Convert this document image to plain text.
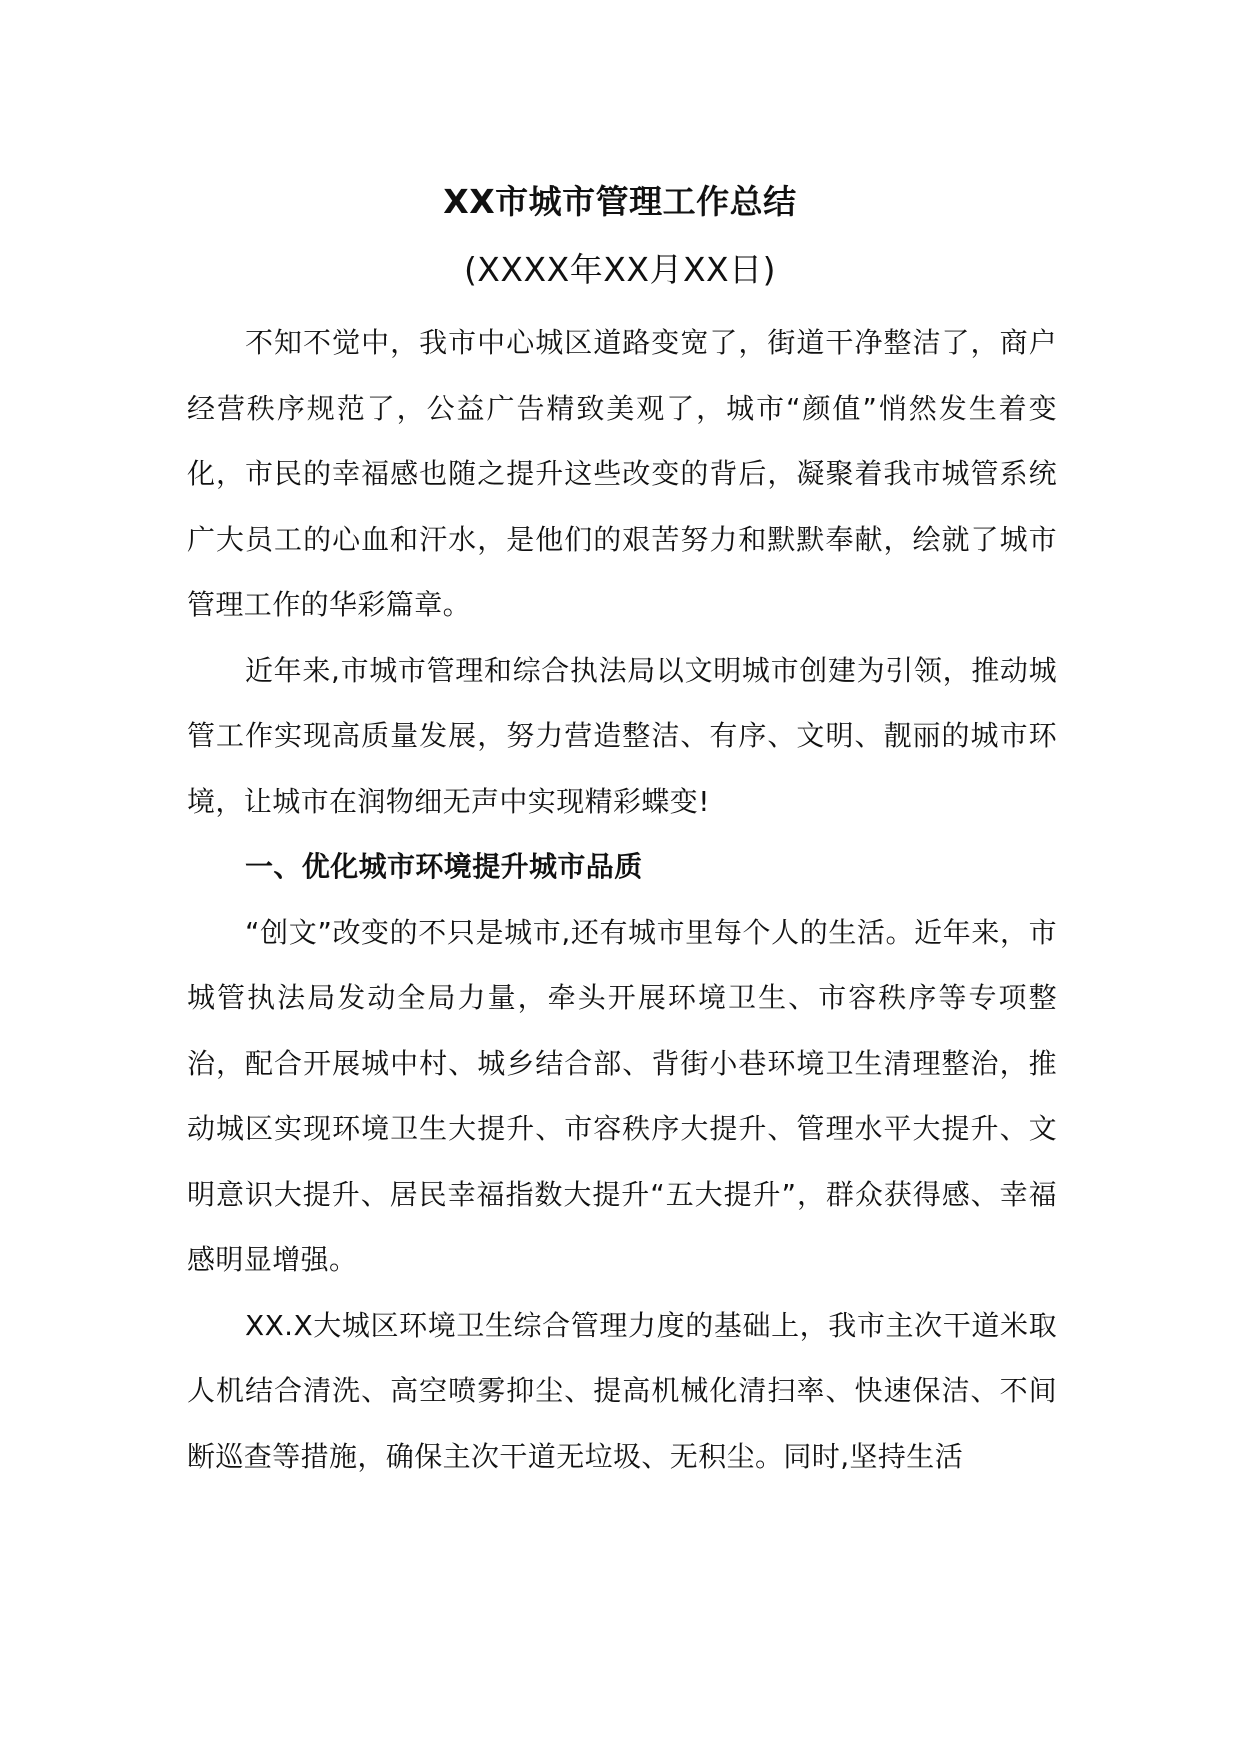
XX市城市管理工作总结
(XXXX年XX月XX日)

不知不觉中，我市中心城区道路变宽了，街道干净整洁了，商户经营秩序规范了，公益广告精致美观了，城市“颜值”悄然发生着变化，市民的幸福感也随之提升这些改变的背后，凝聚着我市城管系统广大员工的心血和汗水，是他们的艰苦努力和默默奉献，绘就了城市管理工作的华彩篇章。

近年来,市城市管理和综合执法局以文明城市创建为引领，推动城管工作实现高质量发展，努力营造整洁、有序、文明、靓丽的城市环境，让城市在润物细无声中实现精彩蝶变!

一、优化城市环境提升城市品质

“创文”改变的不只是城市,还有城市里每个人的生活。近年来，市城管执法局发动全局力量，牵头开展环境卫生、市容秩序等专项整治，配合开展城中村、城乡结合部、背街小巷环境卫生清理整治，推动城区实现环境卫生大提升、市容秩序大提升、管理水平大提升、文明意识大提升、居民幸福指数大提升“五大提升”，群众获得感、幸福感明显增强。

XX.X大城区环境卫生综合管理力度的基础上，我市主次干道米取人机结合清洗、高空喷雾抑尘、提高机械化清扫率、快速保洁、不间断巡查等措施，确保主次干道无垃圾、无积尘。同时,坚持生活
